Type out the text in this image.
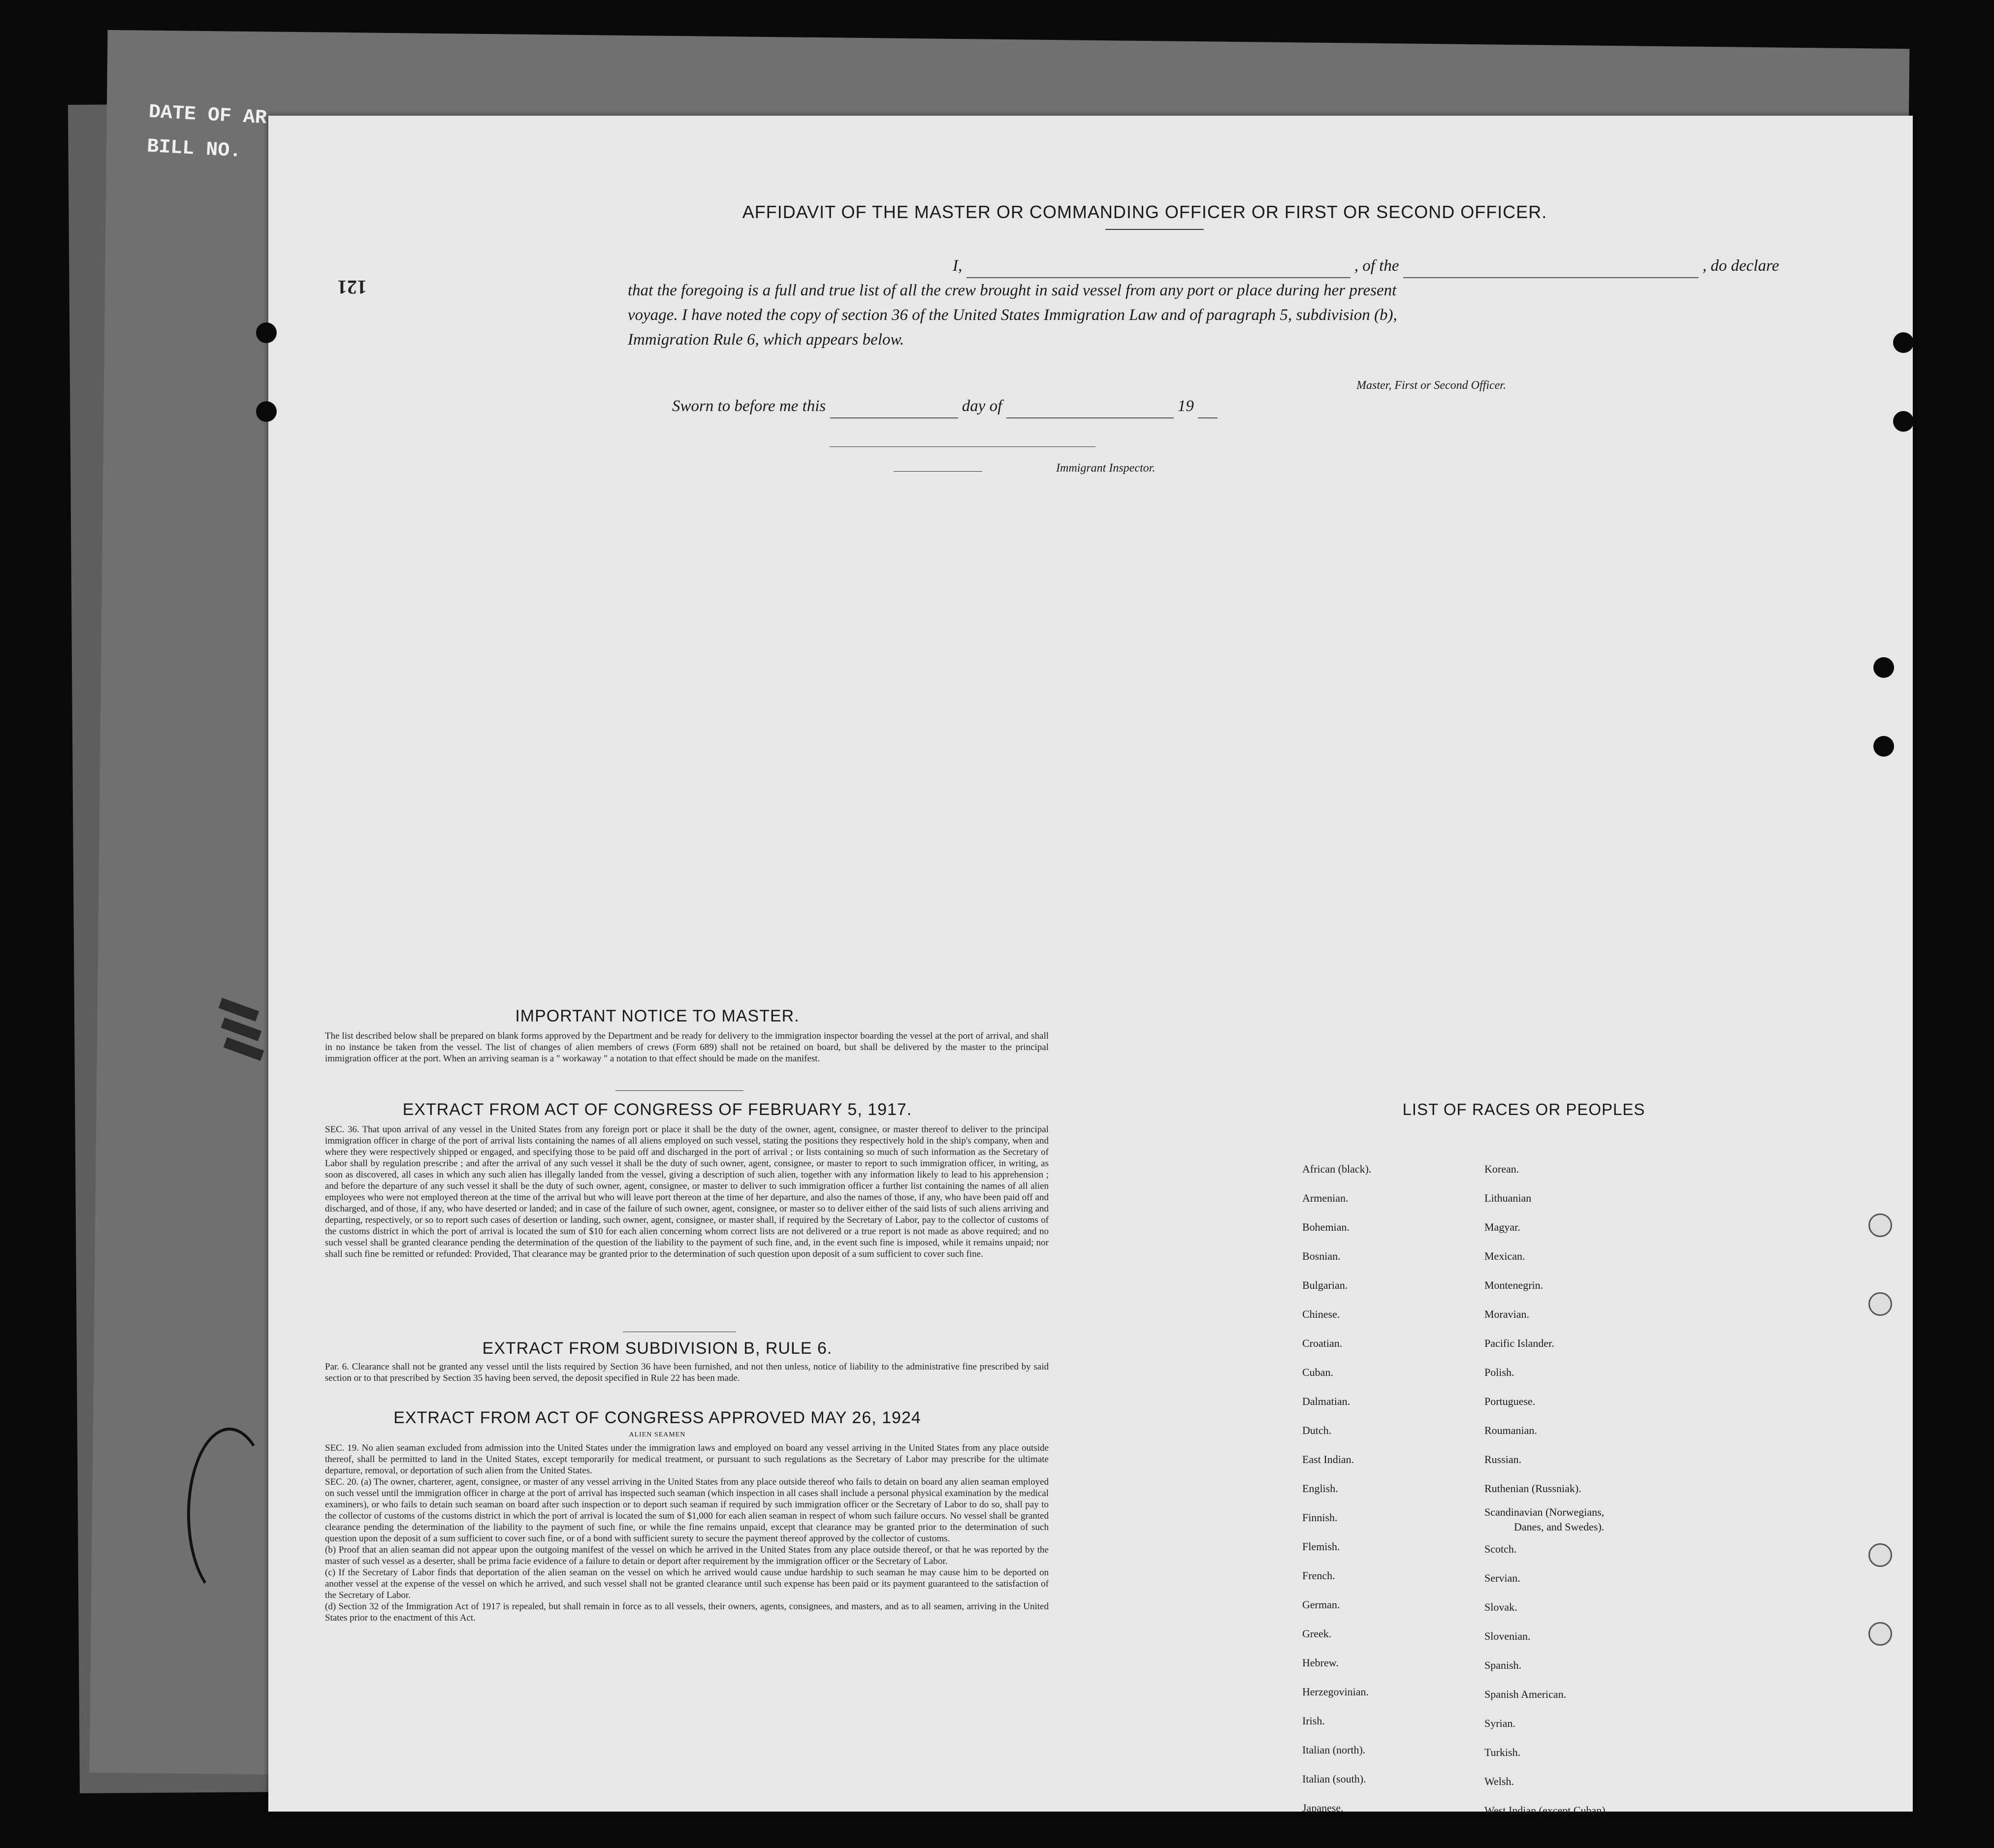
DATE OF AR
BILL NO.
121
AFFIDAVIT OF THE MASTER OR COMMANDING OFFICER OR FIRST OR SECOND OFFICER.
I,	, of the	, do declare
that the foregoing is a full and true list of all the crew brought in said vessel from any port or place during her present
voyage. I have noted the copy of section 36 of the United States Immigration Law and of paragraph 5, subdivision (b),
Immigration Rule 6, which appears below.
Master, First or Second Officer.
Sworn to before me this	day of	19
Immigrant Inspector.
IMPORTANT NOTICE TO MASTER.
The list described below shall be prepared on blank forms approved by the Department and be ready for delivery to the immigration inspector boarding the vessel at the port of arrival, and shall in no instance be taken from the vessel. The list of changes of alien members of crews (Form 689) shall not be retained on board, but shall be delivered by the master to the principal immigration officer at the port. When an arriving seaman is a " workaway " a notation to that effect should be made on the manifest.
EXTRACT FROM ACT OF CONGRESS OF FEBRUARY 5, 1917.
SEC. 36. That upon arrival of any vessel in the United States from any foreign port or place it shall be the duty of the owner, agent, consignee, or master thereof to deliver to the principal immigration officer in charge of the port of arrival lists containing the names of all aliens employed on such vessel, stating the positions they respectively hold in the ship's company, when and where they were respectively shipped or engaged, and specifying those to be paid off and discharged in the port of arrival ; or lists containing so much of such information as the Secretary of Labor shall by regulation prescribe ; and after the arrival of any such vessel it shall be the duty of such owner, agent, consignee, or master to report to such immigration officer, in writing, as soon as discovered, all cases in which any such alien has illegally landed from the vessel, giving a description of such alien, together with any information likely to lead to his apprehension ; and before the departure of any such vessel it shall be the duty of such owner, agent, consignee, or master to deliver to such immigration officer a further list containing the names of all alien employees who were not employed thereon at the time of the arrival but who will leave port thereon at the time of her departure, and also the names of those, if any, who have been paid off and discharged, and of those, if any, who have deserted or landed; and in case of the failure of such owner, agent, consignee, or master so to deliver either of the said lists of such aliens arriving and departing, respectively, or so to report such cases of desertion or landing, such owner, agent, consignee, or master shall, if required by the Secretary of Labor, pay to the collector of customs of the customs district in which the port of arrival is located the sum of $10 for each alien concerning whom correct lists are not delivered or a true report is not made as above required; and no such vessel shall be granted clearance pending the determination of the question of the liability to the payment of such fine, and, in the event such fine is imposed, while it remains unpaid; nor shall such fine be remitted or refunded: Provided, That clearance may be granted prior to the determination of such question upon deposit of a sum sufficient to cover such fine.
EXTRACT FROM SUBDIVISION B, RULE 6.
Par. 6. Clearance shall not be granted any vessel until the lists required by Section 36 have been furnished, and not then unless, notice of liability to the administrative fine prescribed by said section or to that prescribed by Section 35 having been served, the deposit specified in Rule 22 has been made.
EXTRACT FROM ACT OF CONGRESS APPROVED MAY 26, 1924
ALIEN SEAMEN
SEC. 19. No alien seaman excluded from admission into the United States under the immigration laws and employed on board any vessel arriving in the United States from any place outside thereof, shall be permitted to land in the United States, except temporarily for medical treatment, or pursuant to such regulations as the Secretary of Labor may prescribe for the ultimate departure, removal, or deportation of such alien from the United States.
SEC. 20. (a) The owner, charterer, agent, consignee, or master of any vessel arriving in the United States from any place outside thereof who fails to detain on board any alien seaman employed on such vessel until the immigration officer in charge at the port of arrival has inspected such seaman (which inspection in all cases shall include a personal physical examination by the medical examiners), or who fails to detain such seaman on board after such inspection or to deport such seaman if required by such immigration officer or the Secretary of Labor to do so, shall pay to the collector of customs of the customs district in which the port of arrival is located the sum of $1,000 for each alien seaman in respect of whom such failure occurs. No vessel shall be granted clearance pending the determination of the liability to the payment of such fine, or while the fine remains unpaid, except that clearance may be granted prior to the determination of such question upon the deposit of a sum sufficient to cover such fine, or of a bond with sufficient surety to secure the payment thereof approved by the collector of customs.
(b) Proof that an alien seaman did not appear upon the outgoing manifest of the vessel on which he arrived in the United States from any place outside thereof, or that he was reported by the master of such vessel as a deserter, shall be prima facie evidence of a failure to detain or deport after requirement by the immigration officer or the Secretary of Labor.
(c) If the Secretary of Labor finds that deportation of the alien seaman on the vessel on which he arrived would cause undue hardship to such seaman he may cause him to be deported on another vessel at the expense of the vessel on which he arrived, and such vessel shall not be granted clearance until such expense has been paid or its payment guaranteed to the satisfaction of the Secretary of Labor.
(d) Section 32 of the Immigration Act of 1917 is repealed, but shall remain in force as to all vessels, their owners, agents, consignees, and masters, and as to all seamen, arriving in the United States prior to the enactment of this Act.
LIST OF RACES OR PEOPLES
African (black).
Armenian.
Bohemian.
Bosnian.
Bulgarian.
Chinese.
Croatian.
Cuban.
Dalmatian.
Dutch.
East Indian.
English.
Finnish.
Flemish.
French.
German.
Greek.
Hebrew.
Herzegovinian.
Irish.
Italian (north).
Italian (south).
Japanese.
Korean.
Lithuanian
Magyar.
Mexican.
Montenegrin.
Moravian.
Pacific Islander.
Polish.
Portuguese.
Roumanian.
Russian.
Ruthenian (Russniak).
Scandinavian (Norwegians,
Danes, and Swedes).
Scotch.
Servian.
Slovak.
Slovenian.
Spanish.
Spanish American.
Syrian.
Turkish.
Welsh.
West Indian (except Cuban).
